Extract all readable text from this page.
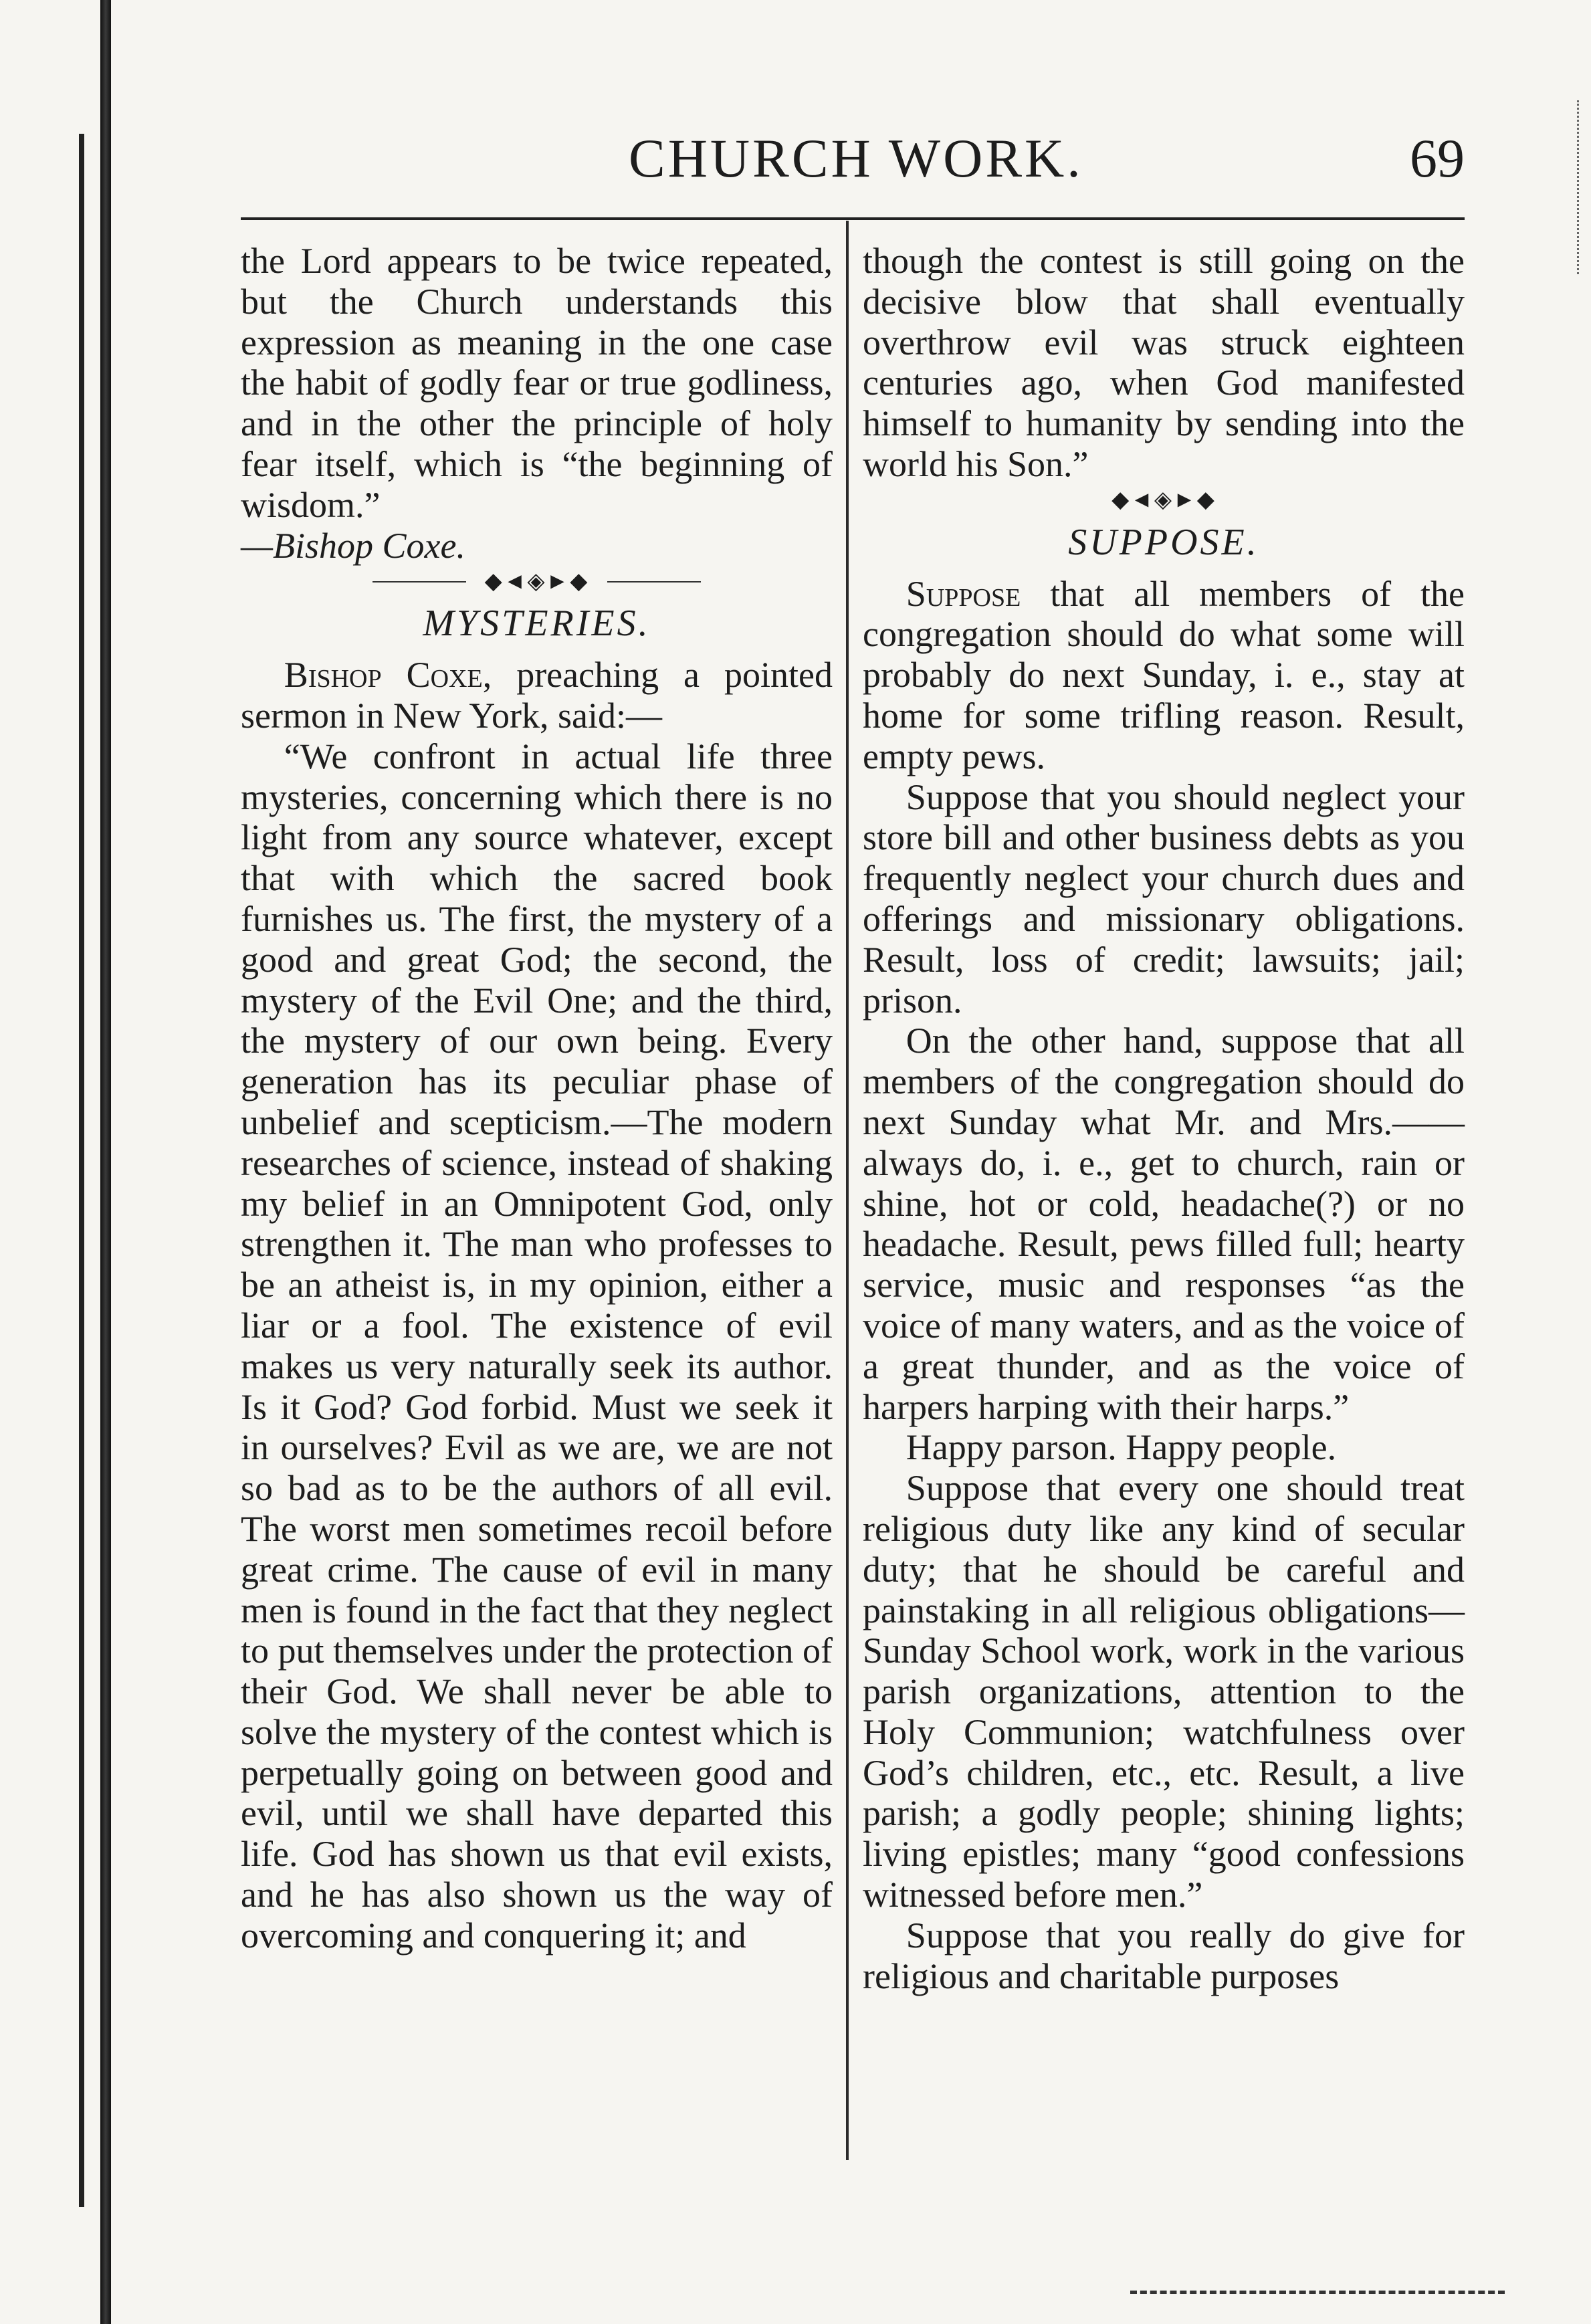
CHURCH WORK.	69

the Lord appears to be twice repeated, but the Church understands this expression as meaning in the one case the habit of godly fear or true godliness, and in the other the principle of holy fear itself, which is “the beginning of wisdom.”

—Bishop Coxe.

◆◄◈►◆
MYSTERIES.

Bishop Coxe, preaching a pointed sermon in New York, said:—

“We confront in actual life three mysteries, concerning which there is no light from any source whatever, except that with which the sacred book furnishes us. The first, the mystery of a good and great God; the second, the mystery of the Evil One; and the third, the mystery of our own being. Every generation has its peculiar phase of unbelief and scepticism.—The modern researches of science, instead of shaking my belief in an Omnipotent God, only strengthen it. The man who professes to be an atheist is, in my opinion, either a liar or a fool. The existence of evil makes us very naturally seek its author. Is it God? God forbid. Must we seek it in ourselves? Evil as we are, we are not so bad as to be the authors of all evil. The worst men sometimes recoil before great crime. The cause of evil in many men is found in the fact that they neglect to put themselves under the protection of their God. We shall never be able to solve the mystery of the contest which is perpetually going on between good and evil, until we shall have departed this life. God has shown us that evil exists, and he has also shown us the way of overcoming and conquering it; and

though the contest is still going on the decisive blow that shall eventually overthrow evil was struck eighteen centuries ago, when God manifested himself to humanity by sending into the world his Son.”

◆◄◈►◆
SUPPOSE.

Suppose that all members of the congregation should do what some will probably do next Sunday, i. e., stay at home for some trifling reason. Result, empty pews.

Suppose that you should neglect your store bill and other business debts as you frequently neglect your church dues and offerings and missionary obligations. Result, loss of credit; lawsuits; jail; prison.

On the other hand, suppose that all members of the congregation should do next Sunday what Mr. and Mrs.——always do, i. e., get to church, rain or shine, hot or cold, headache(?) or no headache. Result, pews filled full; hearty service, music and responses “as the voice of many waters, and as the voice of a great thunder, and as the voice of harpers harping with their harps.”

Happy parson. Happy people.

Suppose that every one should treat religious duty like any kind of secular duty; that he should be careful and painstaking in all religious obligations—Sunday School work, work in the various parish organizations, attention to the Holy Communion; watchfulness over God’s children, etc., etc. Result, a live parish; a godly people; shining lights; living epistles; many “good confessions witnessed before men.”

Suppose that you really do give for religious and charitable purposes
